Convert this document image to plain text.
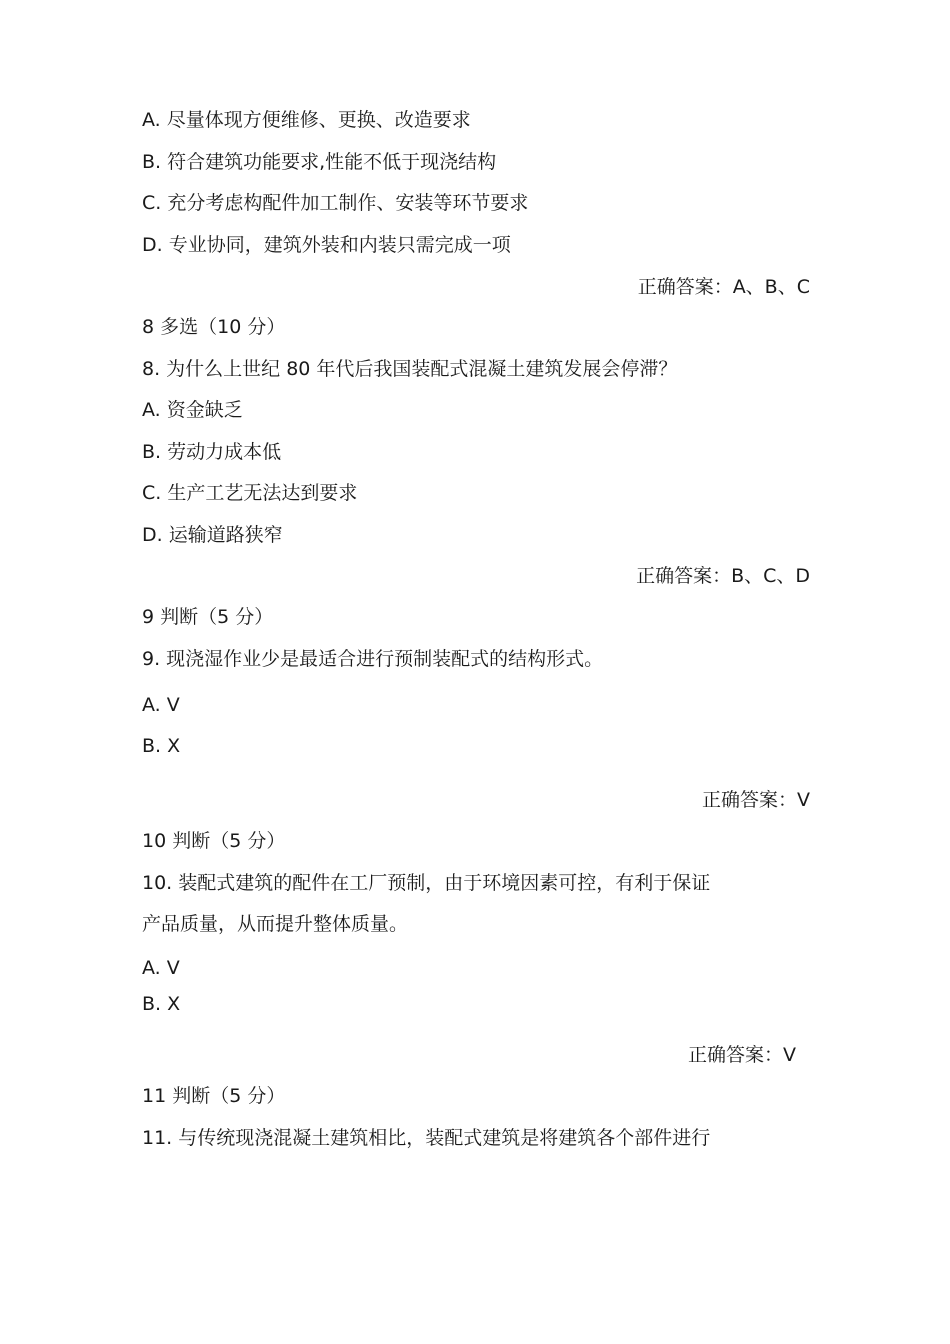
A. 尽量体现方便维修、更换、改造要求
B. 符合建筑功能要求,性能不低于现浇结构
C. 充分考虑构配件加工制作、安装等环节要求
D. 专业协同，建筑外装和内装只需完成一项
正确答案：A、B、C
8 多选（10 分）
8. 为什么上世纪 80 年代后我国装配式混凝土建筑发展会停滞？
A. 资金缺乏
B. 劳动力成本低
C. 生产工艺无法达到要求
D. 运输道路狭窄
正确答案：B、C、D
9 判断（5 分）
9. 现浇湿作业少是最适合进行预制装配式的结构形式。
A. V
B. X
正确答案：V
10 判断（5 分）
10. 装配式建筑的配件在工厂预制，由于环境因素可控，有利于保证
产品质量，从而提升整体质量。
A. V
B. X
正确答案：V
11 判断（5 分）
11. 与传统现浇混凝土建筑相比，装配式建筑是将建筑各个部件进行
